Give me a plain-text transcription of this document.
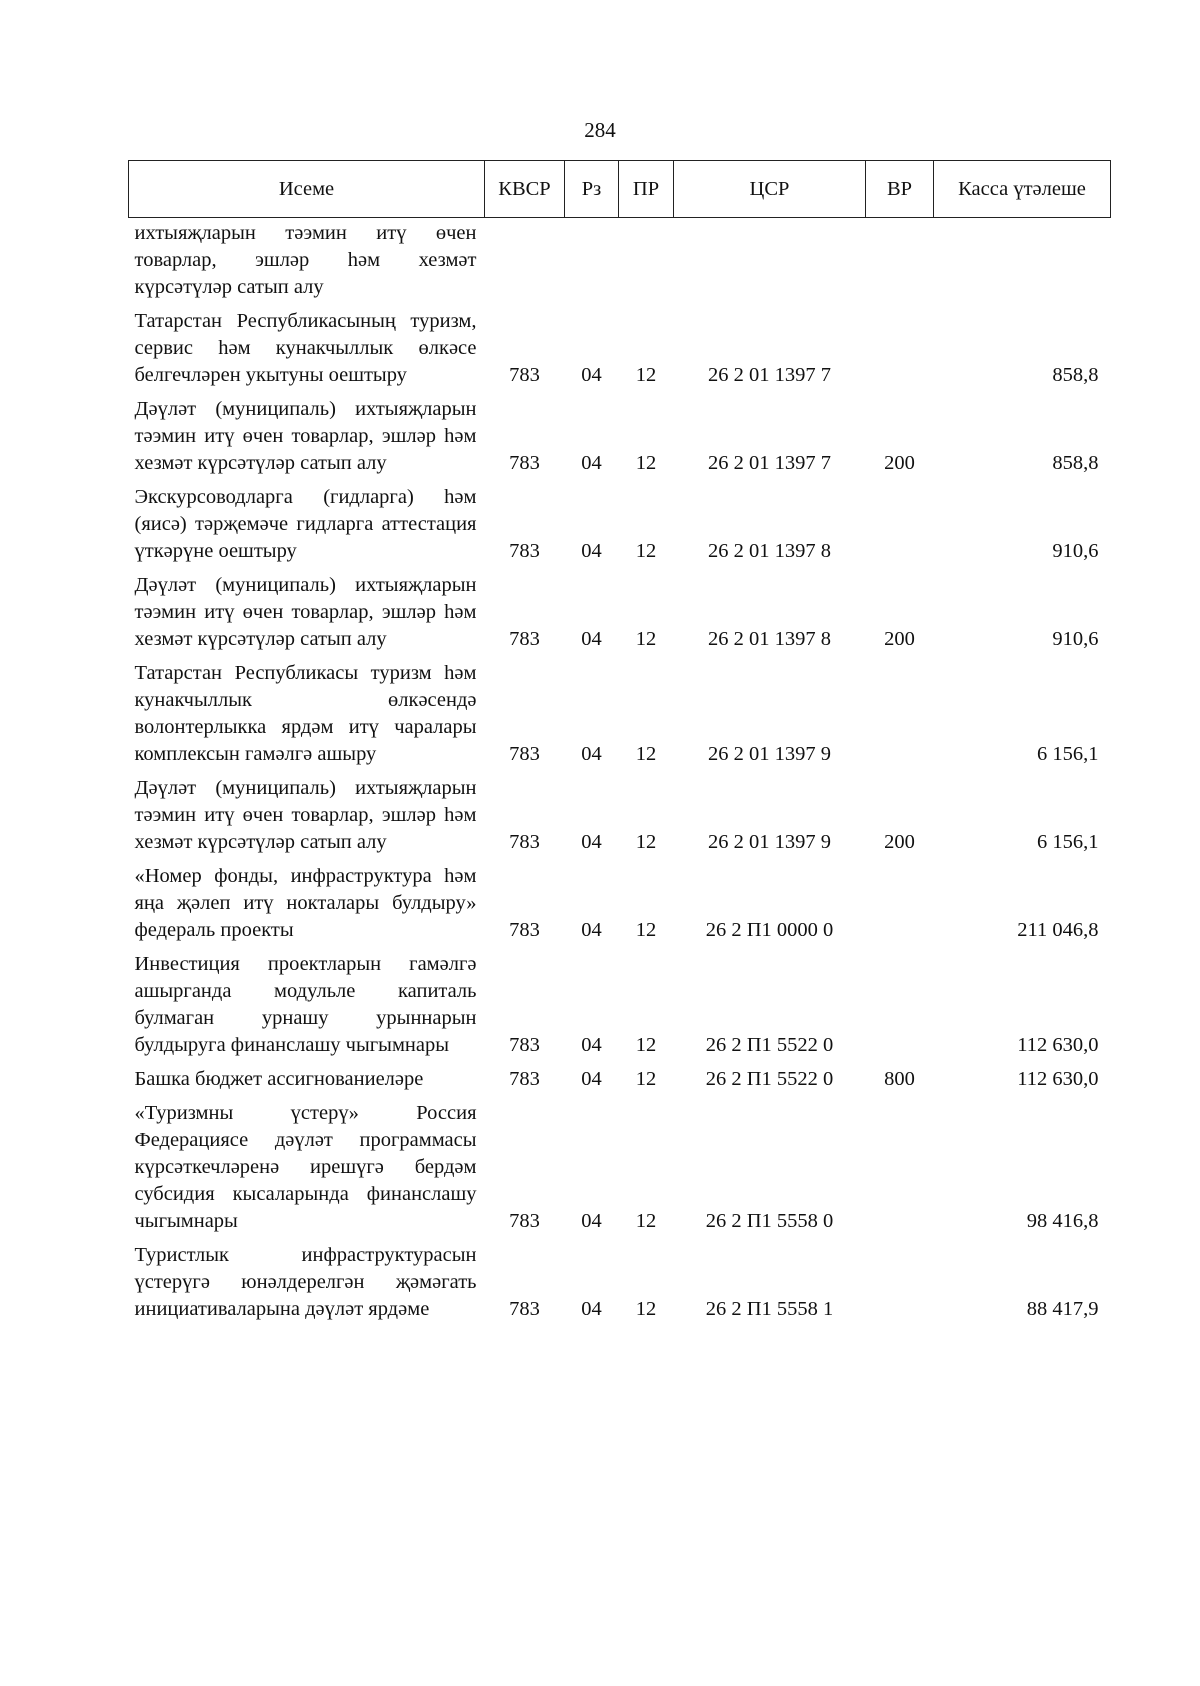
284
Исеме	КВСР	Рз	ПР	ЦСР	ВР	Касса үтәлеше
ихтыяҗларын тәэмин итү өчен товарлар, эшләр һәм хезмәт күрсәтүләр сатып алу						
Татарстан Республикасының туризм, сервис һәм кунакчыллык өлкәсе белгечләрен укытуны оештыру	783	04	12	26 2 01 1397 7		858,8
Дәүләт (муниципаль) ихтыяҗларын тәэмин итү өчен товарлар, эшләр һәм хезмәт күрсәтүләр сатып алу	783	04	12	26 2 01 1397 7	200	858,8
Экскурсоводларга (гидларга) һәм (яисә) тәрҗемәче гидларга аттестация үткәрүне оештыру	783	04	12	26 2 01 1397 8		910,6
Дәүләт (муниципаль) ихтыяҗларын тәэмин итү өчен товарлар, эшләр һәм хезмәт күрсәтүләр сатып алу	783	04	12	26 2 01 1397 8	200	910,6
Татарстан Республикасы туризм һәм кунакчыллык өлкәсендә волонтерлыкка ярдәм итү чаралары комплексын гамәлгә ашыру	783	04	12	26 2 01 1397 9		6 156,1
Дәүләт (муниципаль) ихтыяҗларын тәэмин итү өчен товарлар, эшләр һәм хезмәт күрсәтүләр сатып алу	783	04	12	26 2 01 1397 9	200	6 156,1
«Номер фонды, инфраструктура һәм яңа җәлеп итү нокталары булдыру» федераль проекты	783	04	12	26 2 П1 0000 0		211 046,8
Инвестиция проектларын гамәлгә ашырганда модульле капиталь булмаган урнашу урыннарын булдыруга финанслашу чыгымнары	783	04	12	26 2 П1 5522 0		112 630,0
Башка бюджет ассигнованиеләре	783	04	12	26 2 П1 5522 0	800	112 630,0
«Туризмны үстерү» Россия Федерациясе дәүләт программасы күрсәткечләренә ирешүгә бердәм субсидия кысаларында финанслашу чыгымнары	783	04	12	26 2 П1 5558 0		98 416,8
Туристлык инфраструктурасын үстерүгә юнәлдерелгән җәмәгать инициативаларына дәүләт ярдәме	783	04	12	26 2 П1 5558 1		88 417,9
